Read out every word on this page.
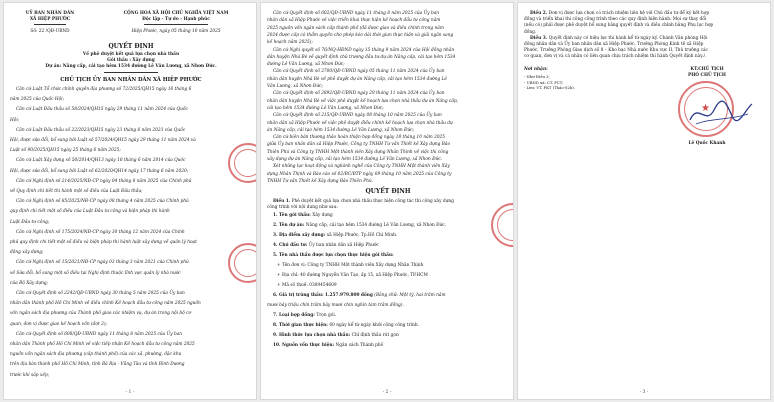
UỶ BAN NHÂN DÂN
XÃ HIỆP PHƯỚC
Số: 22 /QĐ-UBND
CỘNG HOÀ XÃ HỘI CHỦ NGHĨA VIỆT NAM
Độc lập - Tự do - Hạnh phúc
Hiệp Phước, ngày 05 tháng 10 năm 2025
QUYẾT ĐỊNH
Về phê duyệt kết quả lựa chọn nhà thầu
Gói thầu : Xây dựng
Dự án: Nâng cấp, cải tạo hẻm 1534 đường Lê Văn Lương, xã Nhơn Đức.
CHỦ TỊCH ỦY BAN NHÂN DÂN XÃ HIỆP PHƯỚC
Căn cứ Luật Tổ chức chính quyền địa phương số 72/2025/QH15 ngày 16 tháng 6
năm 2025 của Quốc Hội;
Căn cứ Luật Đấu thầu số 58/2024/QH15 ngày 29 tháng 11 năm 2024 của Quốc
Hội;
Căn cứ Luật Đầu thầu số 22/2023/QH15 ngày 23 tháng 6 năm 2023 của Quốc
Hội, được sửa đổi, bổ sung bởi Luật số 57/2024/QH15 ngày 29 tháng 11 năm 2024 và
Luật số 90/2025/QH15 ngày 25 tháng 6 năm 2025;
Căn cứ Luật Xây dựng số 50/2014/QH13 ngày 18 tháng 6 năm 2014 của Quốc
Hội, được sửa đổi, bổ sung bởi Luật số 62/2020/QH14 ngày 17 tháng 6 năm 2020;
Căn cứ Nghị định số 214/2025/NĐ-CP ngày 04 tháng 8 năm 2025 của Chính phủ
về Quy định chi tiết thi hành một số điều của Luật Đấu thầu;
Căn cứ Nghị định số 85/2025/NĐ-CP ngày 08 tháng 4 năm 2025 của Chính phủ
quy định chi tiết một số điều của Luật Đầu tư công và biện pháp thi hành
Luật Đầu tư công;
Căn cứ Nghị định số 175/2024/NĐ-CP ngày 30 tháng 12 năm 2024 của Chính
phủ quy định chi tiết một số điều và biện pháp thi hành luật xây dựng về quản lý hoạt
động xây dựng;
Căn cứ Nghị định số 15/2021/NĐ-CP ngày 03 tháng 3 năm 2021 của Chính phủ
về Sửa đổi, bổ sung một số điều tại Nghị định thuộc lĩnh vực quản lý nhà nước
của Bộ Xây dựng;
Căn cứ Quyết định số 2242/QĐ-UBND ngày 30 tháng 5 năm 2025 của Ủy ban
nhân dân thành phố Hồ Chí Minh về điều chỉnh Kế hoạch đầu tư công năm 2025 nguồn
vốn ngân sách địa phương của Thành phố giao các nhiệm vụ, dự án trong nội bộ cơ
quan, đơn vị được giao kế hoạch vốn (đợt 2);
Căn cứ Quyết định số 608/QĐ-UBND ngày 11 tháng 8 năm 2025 của Ủy ban
nhân dân Thành phố Hồ Chí Minh về việc tiếp nhận Kế hoạch đầu tư công năm 2025
nguồn vốn ngân sách địa phương (cấp thành phố) của các xã, phường, đặc khu
trên địa bàn thành phố Hồ Chí Minh, tỉnh Bà Rịa - Vũng Tàu và tỉnh Bình Dương
trước khi sắp xếp;
- 1 -
Căn cứ Quyết định số 602/QĐ-UBND ngày 11 tháng 8 năm 2025 của Ủy ban
nhân dân xã Hiệp Phước về việc triển khai thực hiện kế hoạch đầu tư công năm
2025 nguồn vốn ngân sách cấp thành phố (đã được giao và điều chỉnh trong năm
2024 được cấp có thẩm quyền cho phép kéo dài thời gian thực hiện và giải ngân sang
kế hoạch năm 2025);
Căn cứ Nghị quyết số 76/NQ-HĐND ngày 15 tháng 9 năm 2024 của Hội đồng nhân
dân huyện Nhà Bè về quyết định chủ trương đầu tư dự án Nâng cấp, cải tạo hẻm 1534
đường Lê Văn Lương, xã Nhơn Đức;
Căn cứ Quyết định số 2700/QĐ-UBND ngày 05 tháng 11 năm 2024 của Ủy ban
nhân dân huyện Nhà Bè về phê duyệt dự án Nâng cấp, cải tạo hẻm 1534 đường Lê
Văn Lương, xã Nhơn Đức;
Căn cứ Quyết định số 2892/QĐ-UBND ngày 29 tháng 11 năm 2024 của Ủy ban
nhân dân huyện Nhà Bè về việc phê duyệt kế hoạch lựa chọn nhà thầu dự án Nâng cấp,
cải tạo hẻm 1534 đường Lê Văn Lương, xã Nhơn Đức;
Căn cứ Quyết định số 215/QĐ-UBND ngày 08 tháng 10 năm 2025 của Ủy ban
nhân dân xã Hiệp Phước về việc phê duyệt điều chỉnh kế hoạch lựa chọn nhà thầu dự
án Nâng cấp, cải tạo hẻm 1534 đường Lê Văn Lương, xã Nhơn Đức;
Căn cứ biên bản thương thảo hoàn thiện hợp đồng ngày 18 tháng 10 năm 2025
giữa Ủy ban nhân dân xã Hiệp Phước, Công ty TNHH Tư vấn Thiết kế Xây dựng Bảo
Thiên Phú và Công ty TNHH Một thành viên Xây dựng Nhân Thịnh về việc thi công
xây dựng dự án Nâng cấp, cải tạo hẻm 1534 đường Lê Văn Lương, xã Nhơn Đức.
Xét những lục hoạt động và nghành nghề của Công ty TNHH Một thành viên Xây
dựng Nhân Thịnh và Báo cáo số 02/BC/BTP ngày 09 tháng 10 năm 2025 của Công ty
TNHH Tư vấn Thiết kế Xây dựng Bảo Thiên Phú.
QUYẾT ĐỊNH
Điều 1. Phê duyệt kết quả lựa chọn nhà thầu thực hiện công tác thi công xây dựng
công trình với nội dung như sau:
1. Tên gói thầu: Xây dựng
2. Tên dự án: Nâng cấp, cải tạo hẻm 1534 đường Lê Văn Lương, xã Nhơn Đức.
3. Địa điểm xây dựng: xã Hiệp Phước, Tp.Hồ Chí Minh.
4. Chủ đầu tư: Ủy ban nhân dân xã Hiệp Phước
5. Tên nhà thầu được lựa chọn thực hiện gói thầu:
+ Tên đơn vị: Công ty TNHH Một thành viên Xây dựng Nhân Thịnh
+ Địa chỉ: 40 đường Nguyễn Văn Tạo, ấp 15, xã Hiệp Phước, TP.HCM
+ Mã số thuế: 0309454609
6. Giá trị trúng thầu: 1.257.979.800 đồng (Bằng chữ: Một tỷ, hai trăm năm
mươi bảy triệu chín trăm bảy mươi chín nghìn tám trăm đồng).
7. Loại hợp đồng: Trọn gói.
8. Thời gian thực hiện: 60 ngày kể từ ngày khởi công công trình.
9. Hình thức lựa chọn nhà thầu: Chỉ định thầu rút gọn
10. Nguồn vốn thực hiện: Ngân sách Thành phố
- 2 -
Điều 2. Đơn vị được lựa chọn có trách nhiệm liên hệ với Chủ đầu tư để ký kết hợp
đồng và triển khai thi công công trình theo các quy định hiện hành. Mọi sự thay đổi
(nếu có) phải được phê duyệt bổ sung bằng quyết định và điều chỉnh bằng Phụ lục hợp
đồng.
Điều 3. Quyết định này có hiệu lực thi hành kể từ ngày ký. Chánh Văn phòng Hội
đồng nhân dân và Ủy ban nhân dân xã Hiệp Phước, Trưởng Phòng Kinh tế xã Hiệp
Phước, Trưởng Phòng Giao dịch số 8 – Kho bạc Nhà nước Khu vực II, Thủ trưởng các
cơ quan, đơn vị và cá nhân có liên quan chịu trách nhiệm thi hành Quyết định này./.
Nơi nhận:
- Như Điều 3;
- UBND xã: CT, PCT;
- Lưu: VT, PKT (Thảo-02b).
KT.CHỦ TỊCH
PHÓ CHỦ TỊCH
★
Lê Quốc Khanh
- 3 -
